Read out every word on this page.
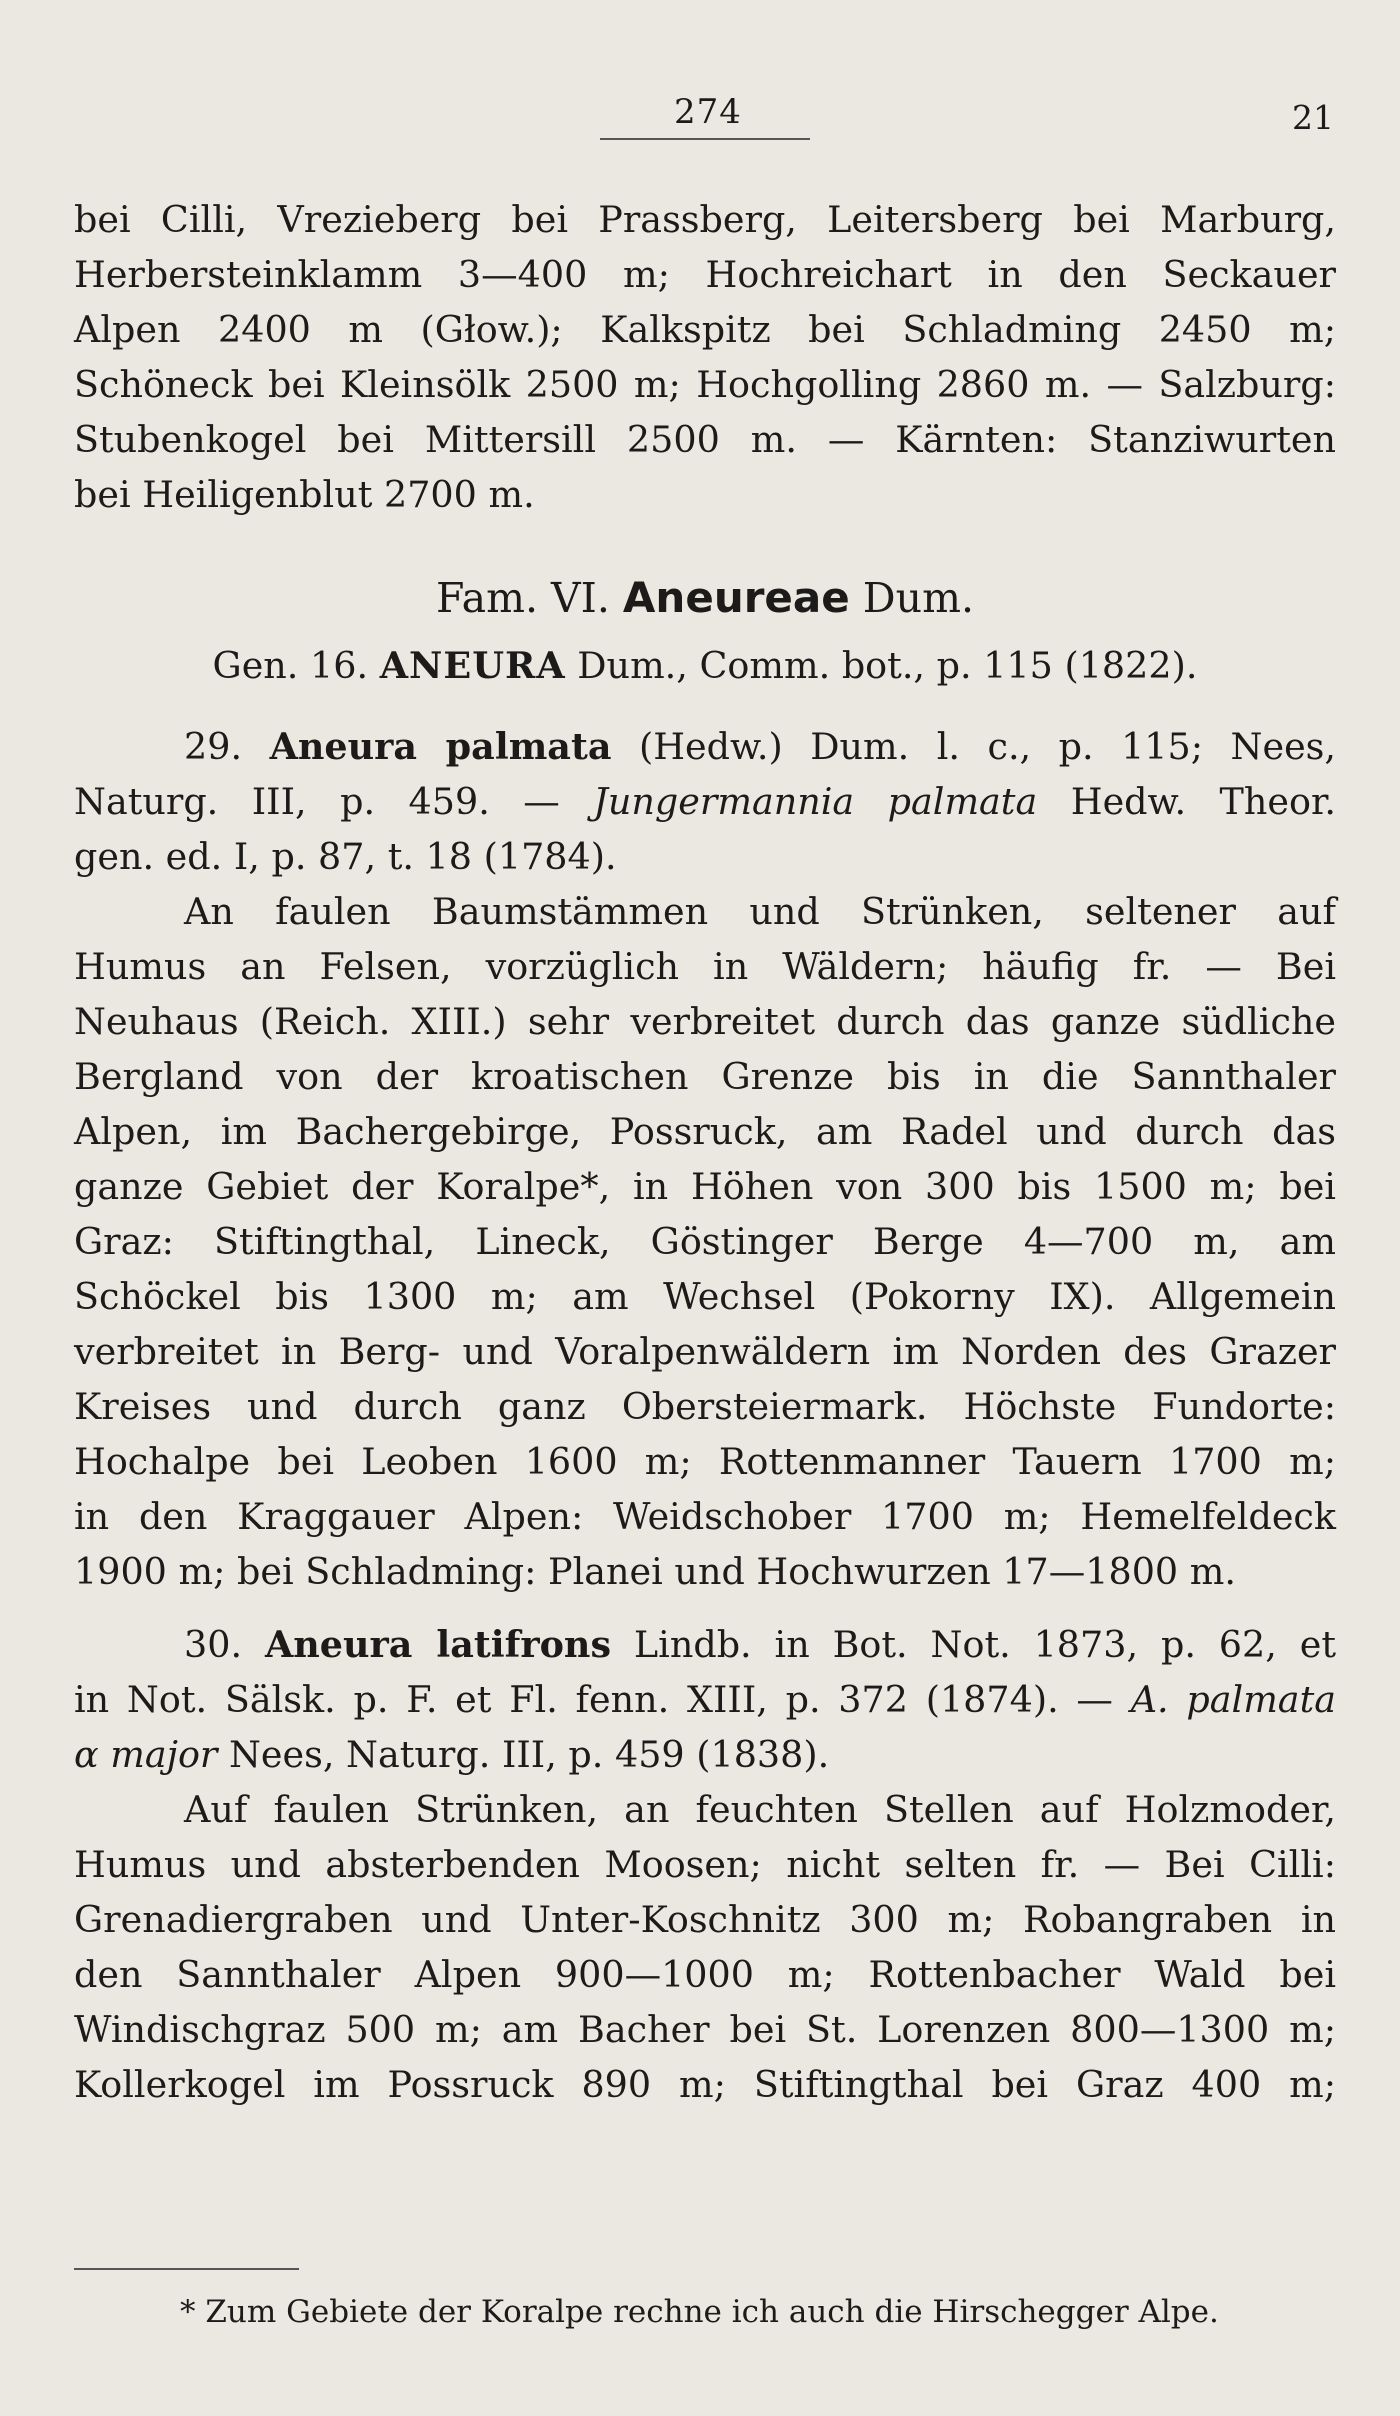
274	21

bei Cilli, Vrezieberg bei Prassberg, Leitersberg bei Marburg,

Herbersteinklamm 3—400 m; Hochreichart in den Seckauer

Alpen 2400 m (Głow.); Kalkspitz bei Schladming 2450 m;

Schöneck bei Kleinsölk 2500 m; Hochgolling 2860 m. — Salzburg:

Stubenkogel bei Mittersill 2500 m. — Kärnten: Stanziwurten

bei Heiligenblut 2700 m.

Fam. VI. Aneureae Dum.

Gen. 16. ANEURA Dum., Comm. bot., p. 115 (1822).

29. Aneura palmata (Hedw.) Dum. l. c., p. 115; Nees,

Naturg. III, p. 459. — Jungermannia palmata Hedw. Theor.

gen. ed. I, p. 87, t. 18 (1784).

An faulen Baumstämmen und Strünken, seltener auf

Humus an Felsen, vorzüglich in Wäldern; häufig fr. — Bei

Neuhaus (Reich. XIII.) sehr verbreitet durch das ganze südliche

Bergland von der kroatischen Grenze bis in die Sannthaler

Alpen, im Bachergebirge, Possruck, am Radel und durch das

ganze Gebiet der Koralpe*, in Höhen von 300 bis 1500 m; bei

Graz: Stiftingthal, Lineck, Göstinger Berge 4—700 m, am

Schöckel bis 1300 m; am Wechsel (Pokorny IX). Allgemein

verbreitet in Berg- und Voralpenwäldern im Norden des Grazer

Kreises und durch ganz Obersteiermark. Höchste Fundorte:

Hochalpe bei Leoben 1600 m; Rottenmanner Tauern 1700 m;

in den Kraggauer Alpen: Weidschober 1700 m; Hemelfeldeck

1900 m; bei Schladming: Planei und Hochwurzen 17—1800 m.

30. Aneura latifrons Lindb. in Bot. Not. 1873, p. 62, et

in Not. Sälsk. p. F. et Fl. fenn. XIII, p. 372 (1874). — A. palmata

α major Nees, Naturg. III, p. 459 (1838).

Auf faulen Strünken, an feuchten Stellen auf Holzmoder,

Humus und absterbenden Moosen; nicht selten fr. — Bei Cilli:

Grenadiergraben und Unter-Koschnitz 300 m; Robangraben in

den Sannthaler Alpen 900—1000 m; Rottenbacher Wald bei

Windischgraz 500 m; am Bacher bei St. Lorenzen 800—1300 m;

Kollerkogel im Possruck 890 m; Stiftingthal bei Graz 400 m;

* Zum Gebiete der Koralpe rechne ich auch die Hirschegger Alpe.
